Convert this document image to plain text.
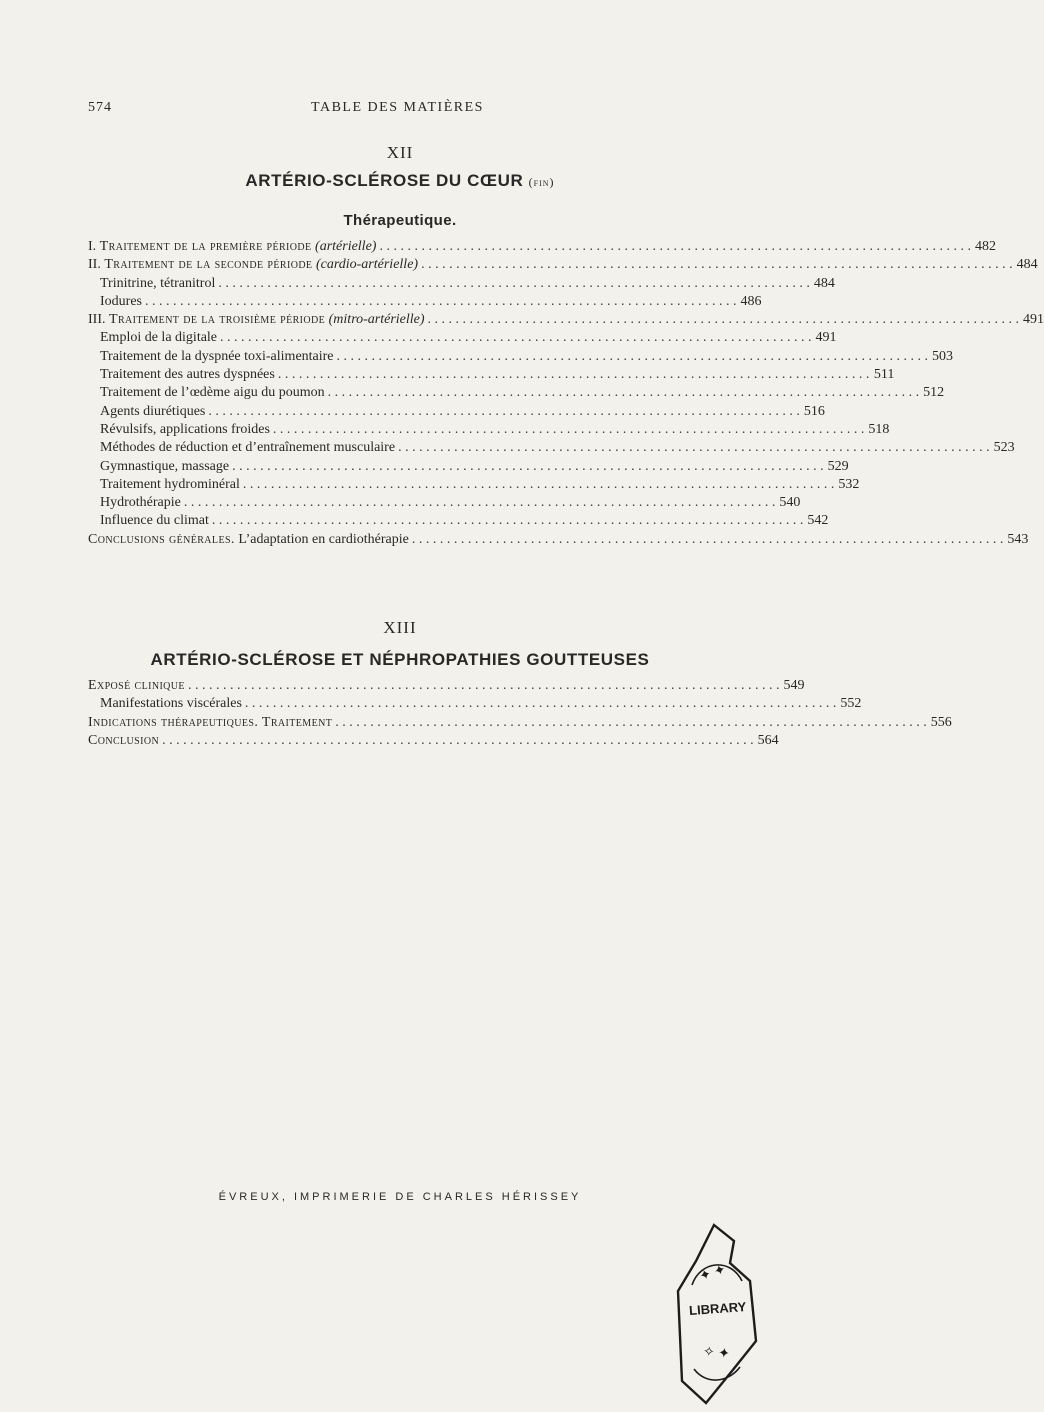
574	TABLE DES MATIÈRES
XII
ARTÉRIO-SCLÉROSE DU CŒUR (fin)
Thérapeutique.
I. Traitement de la première période (artérielle) . . .	482
II. Traitement de la seconde période (cardio-artérielle) . . .	484
Trinitrine, tétranitrol . . .	484
Iodures . . .	486
III. Traitement de la troisième période (mitro-artérielle) . . .	491
Emploi de la digitale . . .	491
Traitement de la dyspnée toxi-alimentaire . . .	503
Traitement des autres dyspnées . . .	511
Traitement de l’œdème aigu du poumon . . .	512
Agents diurétiques . . .	516
Révulsifs, applications froides . . .	518
Méthodes de réduction et d’entraînement musculaire . . .	523
Gymnastique, massage . . .	529
Traitement hydrominéral . . .	532
Hydrothérapie . . .	540
Influence du climat . . .	542
Conclusions générales. L’adaptation en cardiothérapie . . .	543
XIII
ARTÉRIO-SCLÉROSE ET NÉPHROPATHIES GOUTTEUSES
Exposé clinique . . .	549
Manifestations viscérales . . .	552
Indications thérapeutiques. Traitement . . .	556
Conclusion . . .	564
ÉVREUX, IMPRIMERIE DE CHARLES HÉRISSEY
LIBRARY
✦ ✦
✧ ✦
